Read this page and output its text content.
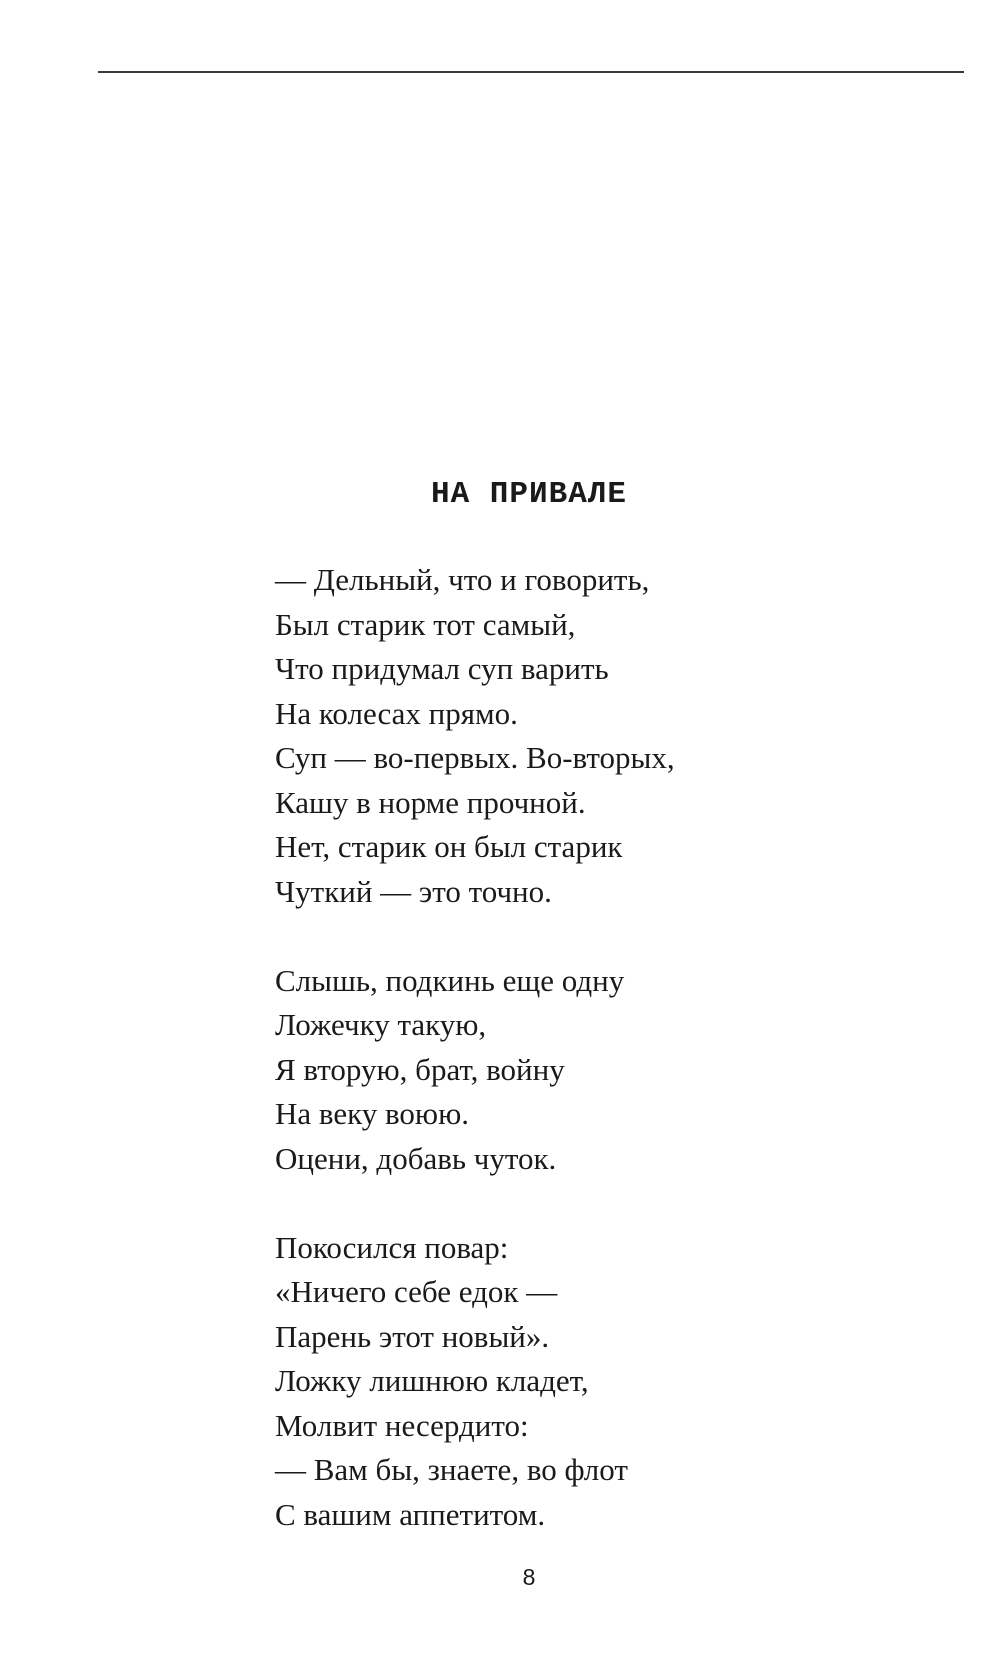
НА ПРИВАЛЕ
— Дельный, что и говорить,
Был старик тот самый,
Что придумал суп варить
На колесах прямо.
Суп — во-первых. Во-вторых,
Кашу в норме прочной.
Нет, старик он был старик
Чуткий — это точно.
Слышь, подкинь еще одну
Ложечку такую,
Я вторую, брат, войну
На веку воюю.
Оцени, добавь чуток.
Покосился повар:
«Ничего себе едок —
Парень этот новый».
Ложку лишнюю кладет,
Молвит несердито:
— Вам бы, знаете, во флот
С вашим аппетитом.
8
